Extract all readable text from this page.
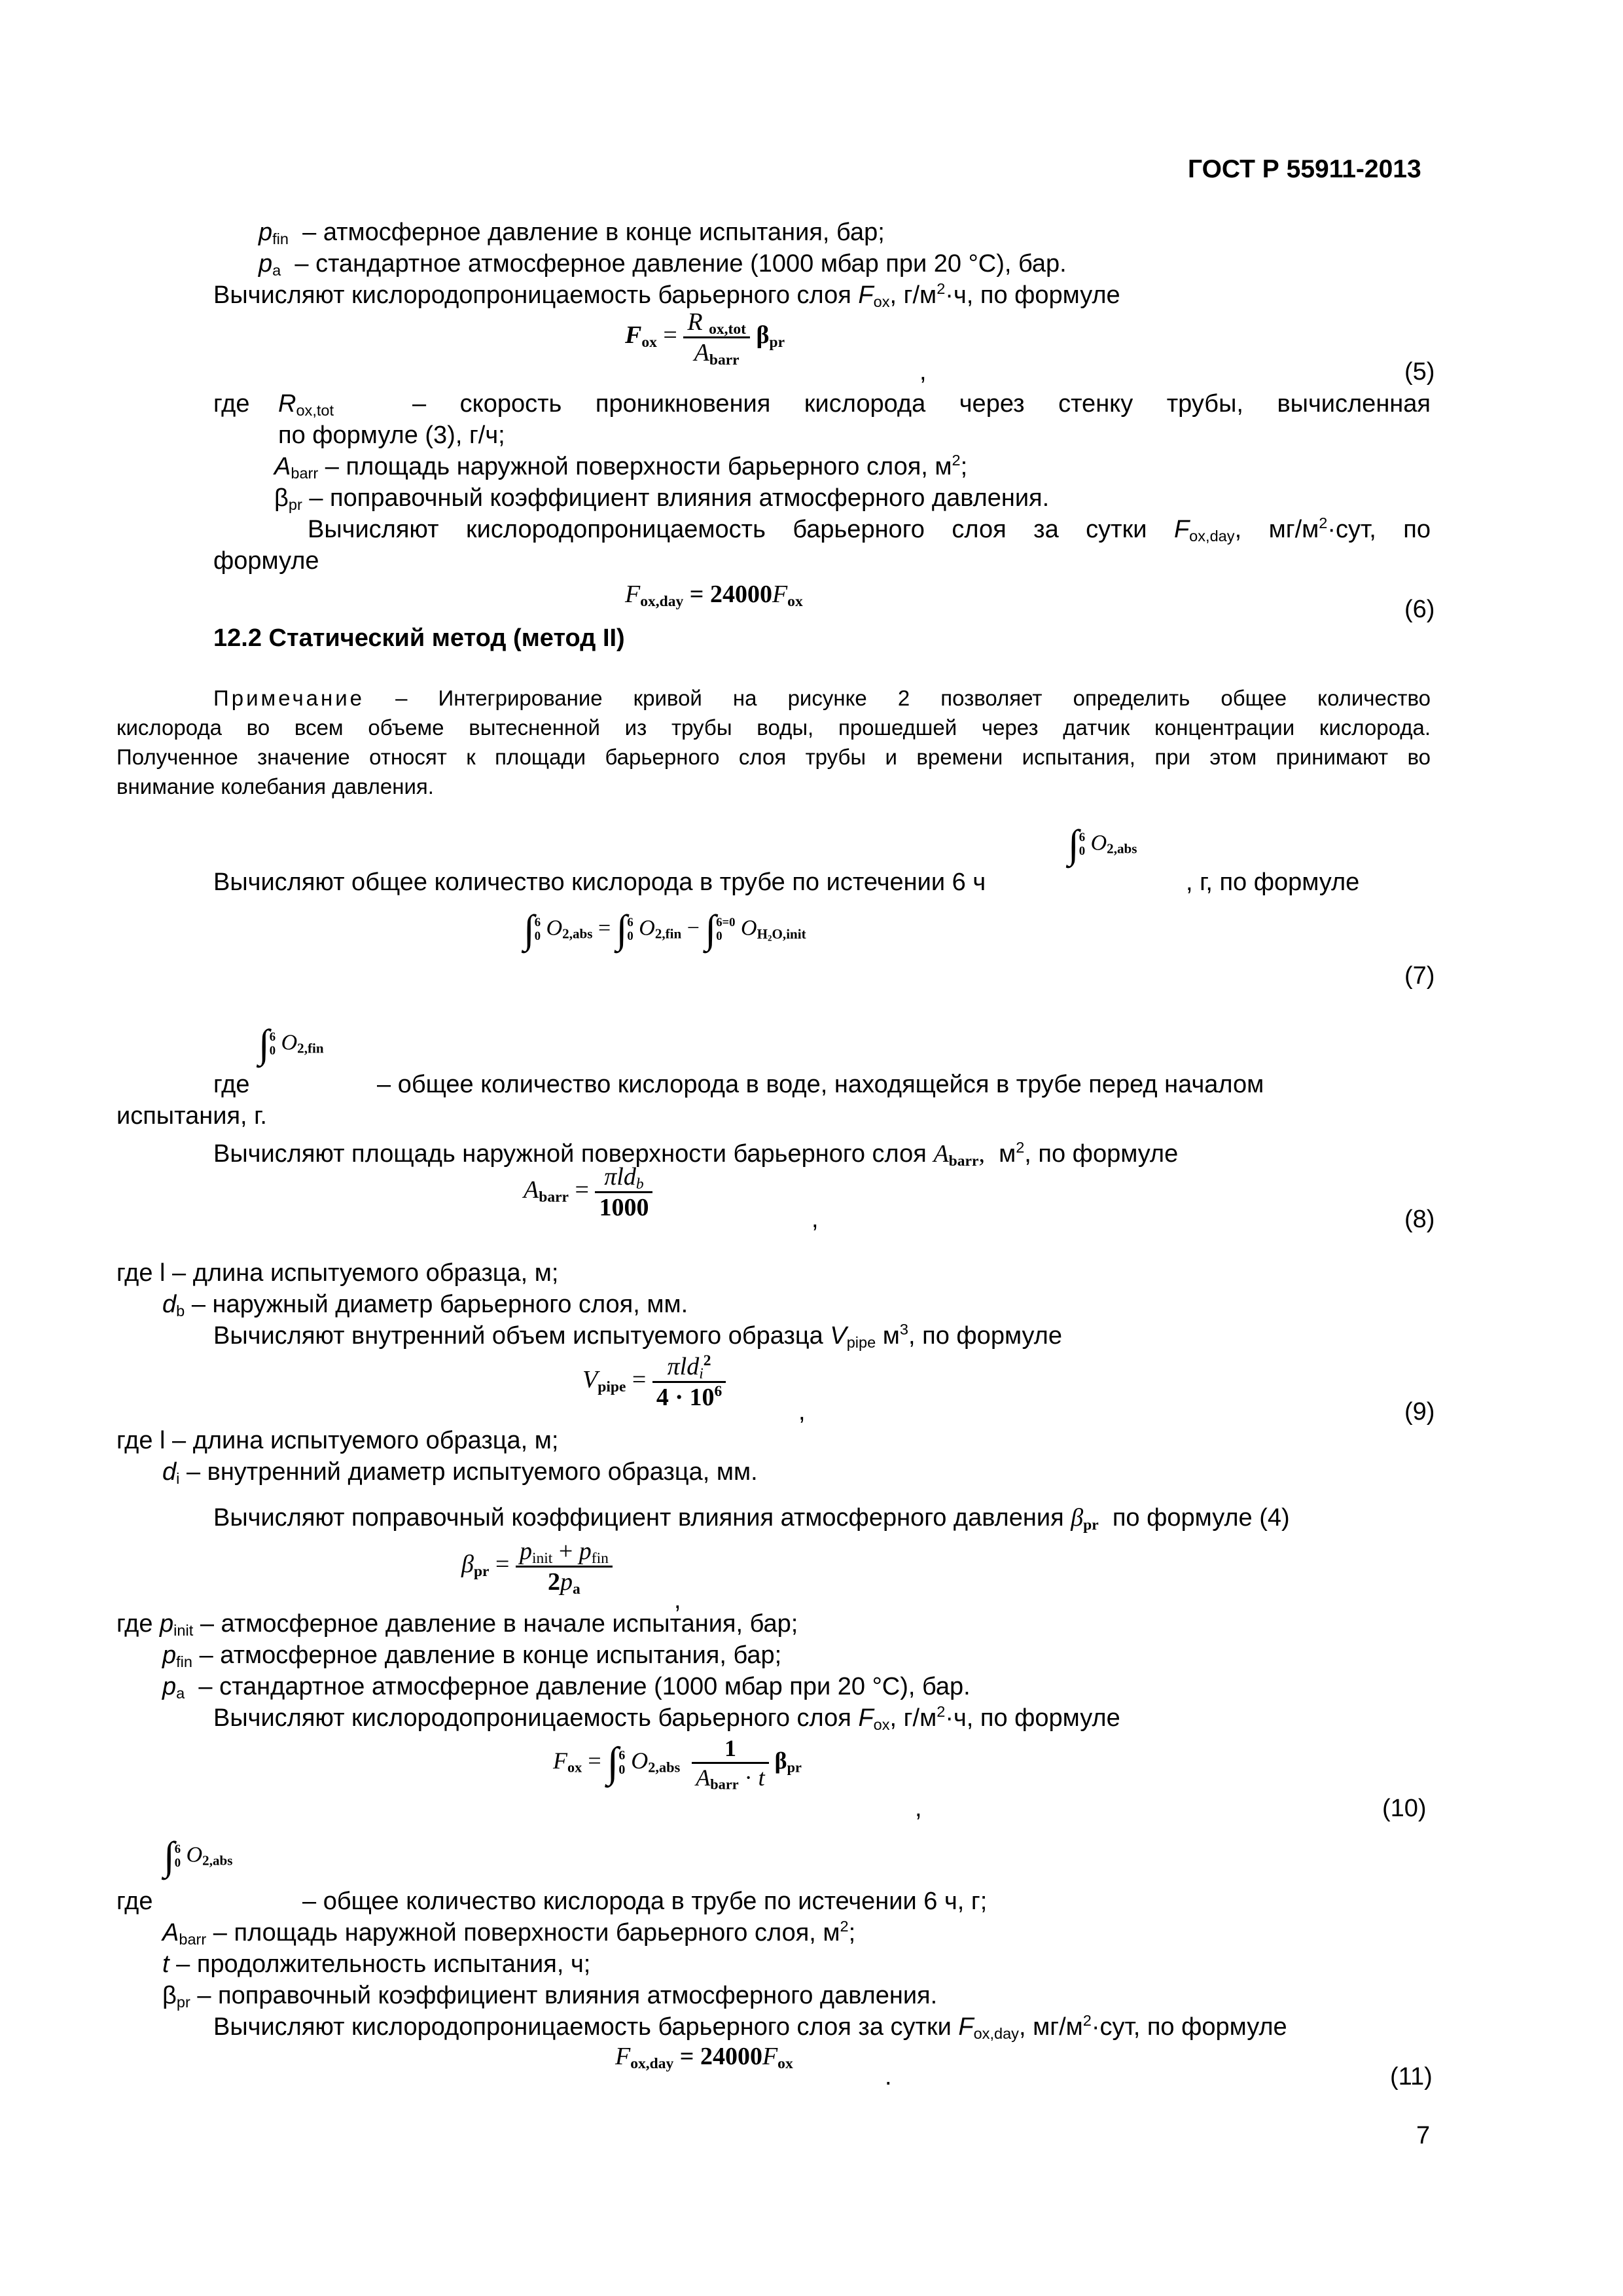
ГОСТ Р 55911-2013
$p_{fin}$ – атмосферное давление в конце испытания, бар;
$p_a$ – стандартное атмосферное давление (1000 мбар при 20 °С), бар.
Вычисляют кислородопроницаемость барьерного слоя $F_{ox}$, $г/м^2\cdot ч$, по формуле
$F_{ox} = \frac{R _{ox,tot}}{A_{barr}} \beta_{pr}$
,	(5)
где $R_{ox,tot}$	– скорость проникновения кислорода через стенку трубы, вычисленная
по формуле (3), г/ч;
$A_{barr}$ – площадь наружной поверхности барьерного слоя, $м^2$;
$\beta_{pr}$ – поправочный коэффициент влияния атмосферного давления.
Вычисляют кислородопроницаемость барьерного слоя за сутки $F_{ox,day}$, $мг/м^2\cdot сут$, по
формуле
$F_{ox,day} = 24000F_{ox}$	(6)
12.2 Статический метод (метод II)
Примечание – Интегрирование кривой на рисунке 2 позволяет определить общее количество
кислорода во всем объеме вытесненной из трубы воды, прошедшей через датчик концентрации кислорода.
Полученное значение относят к площади барьерного слоя трубы и времени испытания, при этом принимают во
внимание колебания давления.
Вычисляют общее количество кислорода в трубе по истечении 6 ч
∫ 6
0 $O_{2,abs}$
, г, по формуле
∫ 6
0 $O_{2,abs}$ = ∫ 6
0 $O_{2,fin}$ − ∫ 6=0
0 $O_{H_2O,init}$
(7)
где
∫ 6
0 $O_{2,fin}$
– общее количество кислорода в воде, находящейся в трубе перед началом
испытания, г.
Вычисляют площадь наружной поверхности барьерного слоя $A_{barr}$, $м^2$, по формуле
$A_{barr} = \frac{\pi ld_b}{1000}$	,	(8)
где l – длина испытуемого образца, м;
$d_b$ – наружный диаметр барьерного слоя, мм.
Вычисляют внутренний объем испытуемого образца $V_{pipe}$ $м^3$, по формуле
$V_{pipe} = \frac{\pi ld_i^2}{4 \cdot 10^6}$	,	(9)
где l – длина испытуемого образца, м;
$d_i$ – внутренний диаметр испытуемого образца, мм.
Вычисляют поправочный коэффициент влияния атмосферного давления $\beta_{pr}$ по формуле (4)
$\beta_{pr} = \frac{p_{init} + p_{fin}}{2p_a}$
,
где $p_{init}$ – атмосферное давление в начале испытания, бар;
$p_{fin}$ – атмосферное давление в конце испытания, бар;
$p_a$ – стандартное атмосферное давление (1000 мбар при 20 °С), бар.
Вычисляют кислородопроницаемость барьерного слоя $F_{ox}$, $г/м^2\cdot ч$, по формуле
$F_{ox}$ = ∫ 6
0 $O_{2,abs} \frac{1}{A_{barr} \cdot t} \beta_{pr}$
,	(10)
где
∫ 6
0 $O_{2,abs}$
– общее количество кислорода в трубе по истечении 6 ч, г;
$A_{barr}$ – площадь наружной поверхности барьерного слоя, $м^2$;
t – продолжительность испытания, ч;
$\beta_{pr}$ – поправочный коэффициент влияния атмосферного давления.
Вычисляют кислородопроницаемость барьерного слоя за сутки $F_{ox,day}$, $мг/м^2\cdot сут$, по формуле
$F_{ox,day} = 24000F_{ox}$	.	(11)
7
